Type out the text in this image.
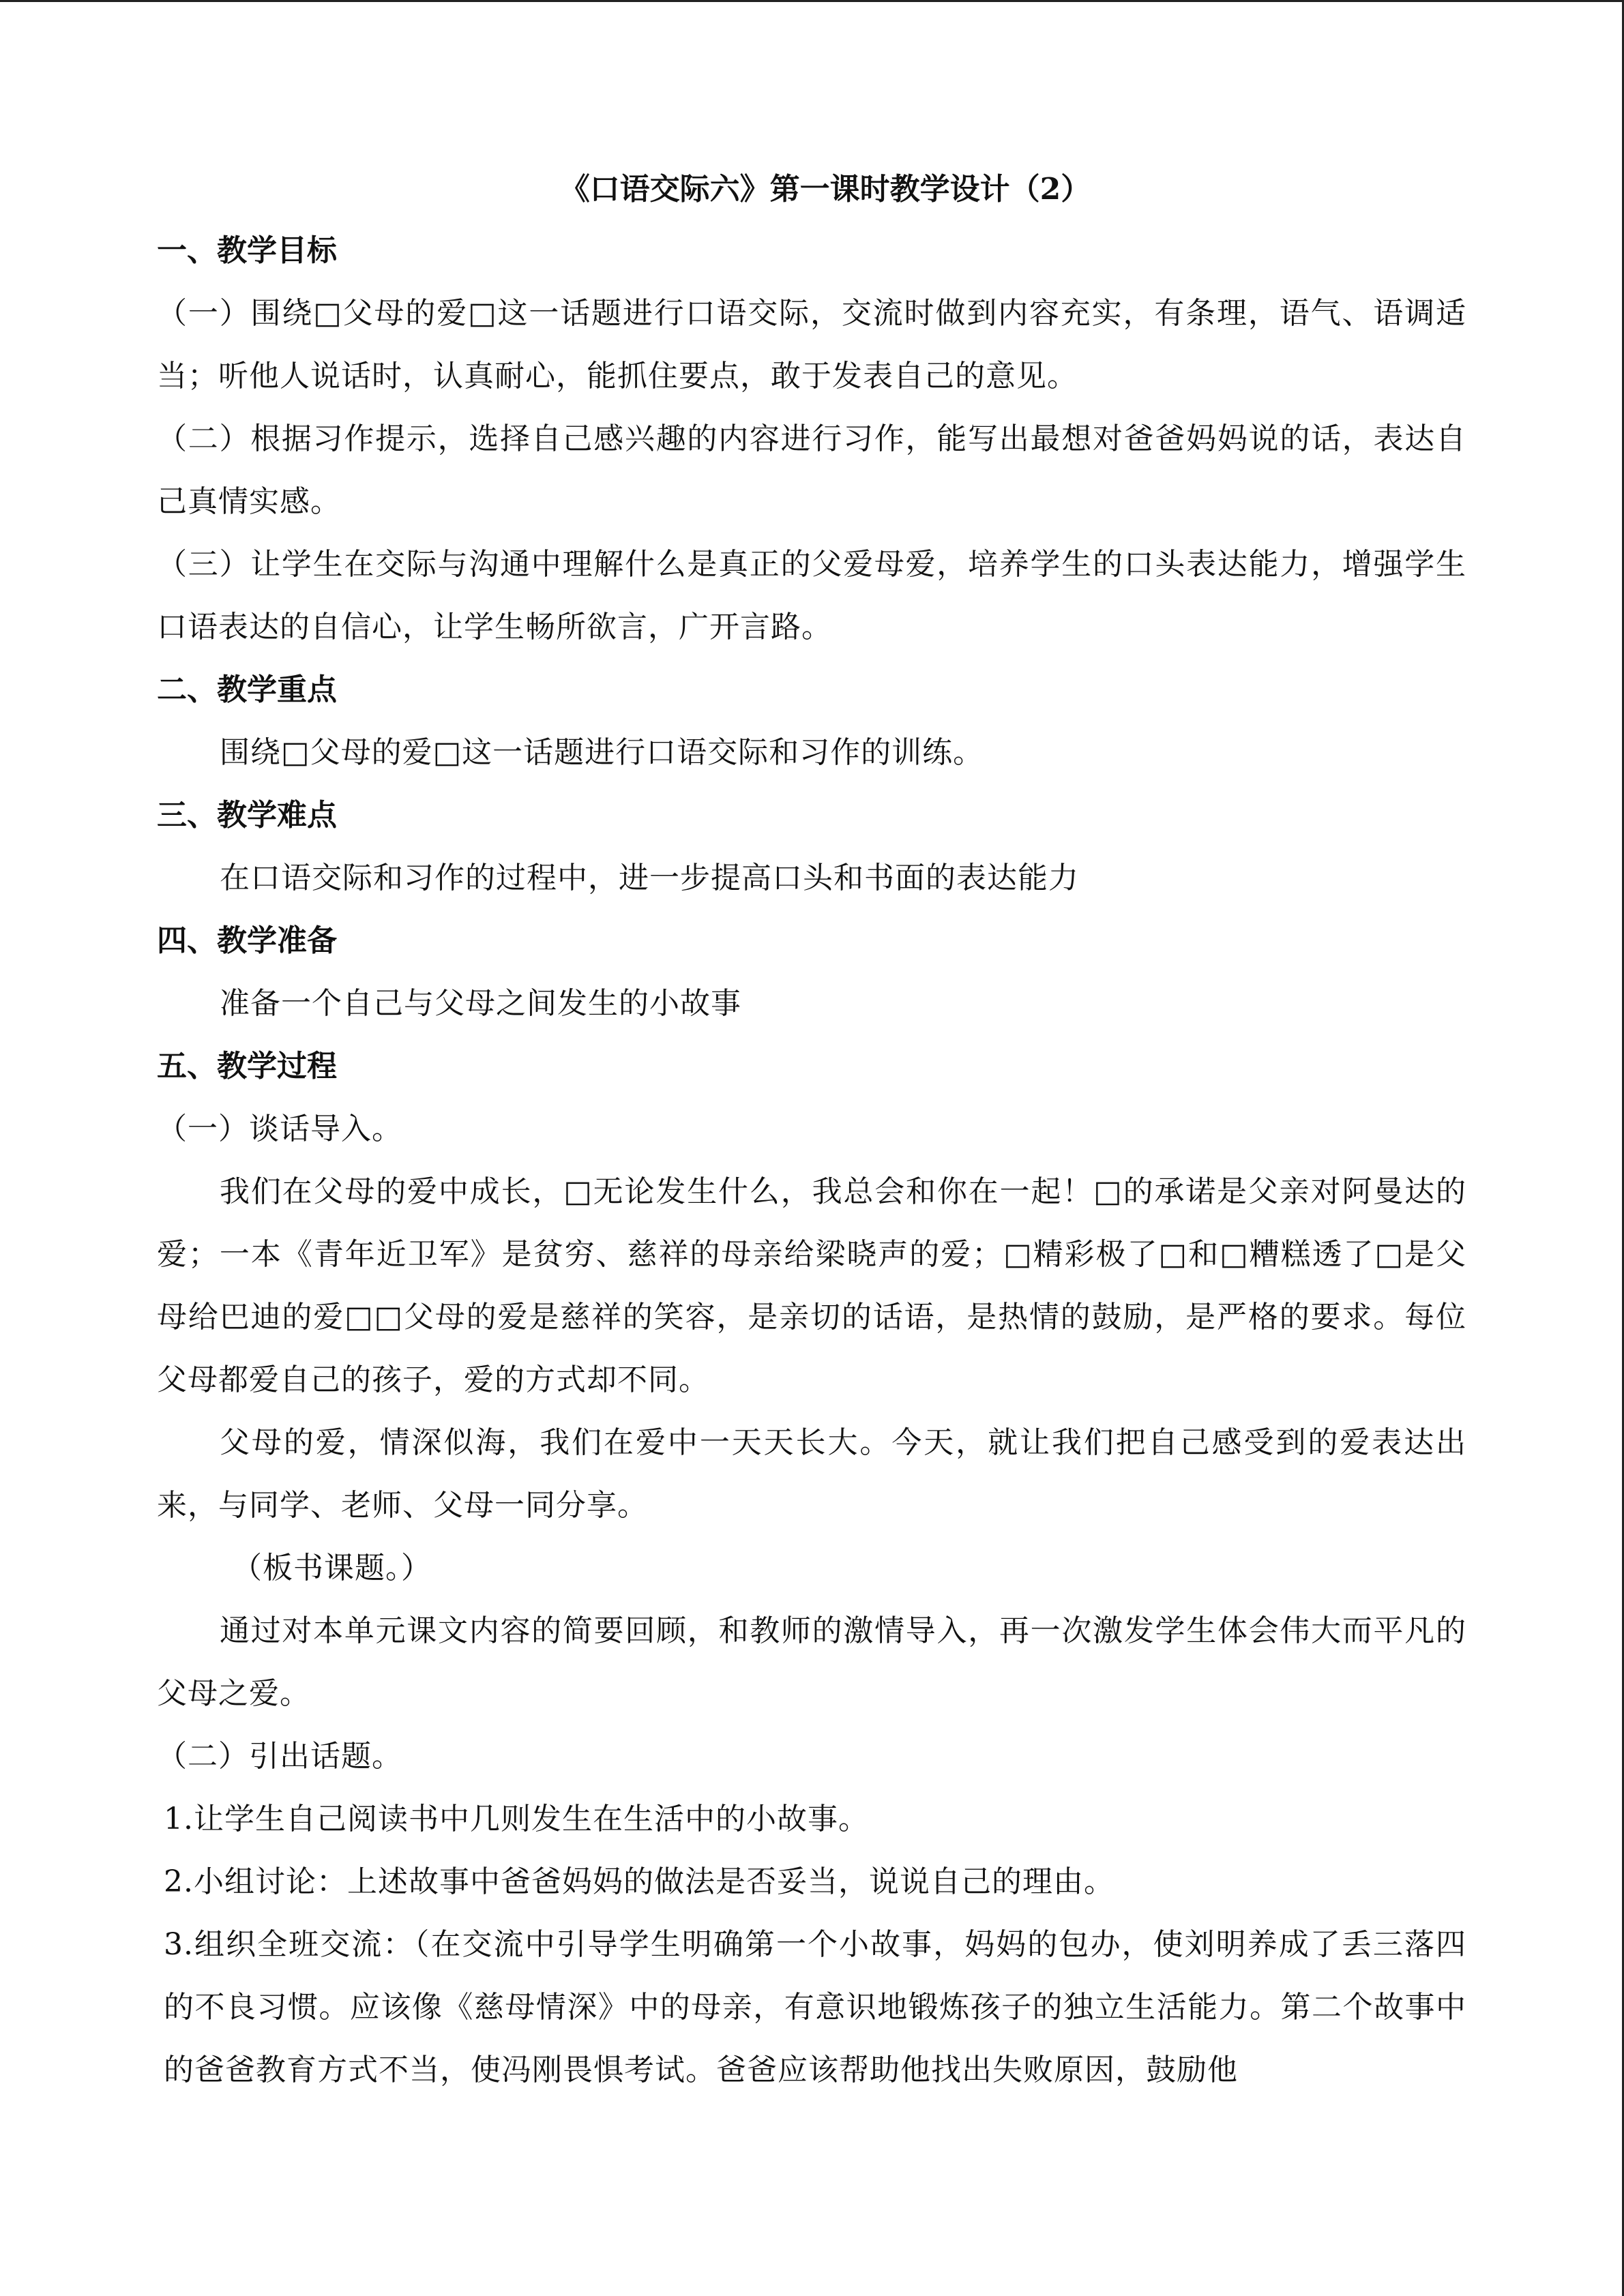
《口语交际六》第一课时教学设计（2）

一、教学目标

（一）围绕□父母的爱□这一话题进行口语交际，交流时做到内容充实，有条理，语气、语调适当；听他人说话时，认真耐心，能抓住要点，敢于发表自己的意见。

（二）根据习作提示，选择自己感兴趣的内容进行习作，能写出最想对爸爸妈妈说的话，表达自己真情实感。

（三）让学生在交际与沟通中理解什么是真正的父爱母爱，培养学生的口头表达能力，增强学生口语表达的自信心，让学生畅所欲言，广开言路。

二、教学重点

围绕□父母的爱□这一话题进行口语交际和习作的训练。

三、教学难点

在口语交际和习作的过程中，进一步提高口头和书面的表达能力

四、教学准备

准备一个自己与父母之间发生的小故事

五、教学过程

（一）谈话导入。

我们在父母的爱中成长，□无论发生什么，我总会和你在一起！□的承诺是父亲对阿曼达的爱；一本《青年近卫军》是贫穷、慈祥的母亲给梁晓声的爱；□精彩极了□和□糟糕透了□是父母给巴迪的爱□□父母的爱是慈祥的笑容，是亲切的话语，是热情的鼓励，是严格的要求。每位父母都爱自己的孩子，爱的方式却不同。

父母的爱，情深似海，我们在爱中一天天长大。今天，就让我们把自己感受到的爱表达出来，与同学、老师、父母一同分享。

（板书课题。）

通过对本单元课文内容的简要回顾，和教师的激情导入，再一次激发学生体会伟大而平凡的父母之爱。

（二）引出话题。

1.让学生自己阅读书中几则发生在生活中的小故事。

2.小组讨论：上述故事中爸爸妈妈的做法是否妥当，说说自己的理由。

3.组织全班交流：（在交流中引导学生明确第一个小故事，妈妈的包办，使刘明养成了丢三落四的不良习惯。应该像《慈母情深》中的母亲，有意识地锻炼孩子的独立生活能力。第二个故事中的爸爸教育方式不当，使冯刚畏惧考试。爸爸应该帮助他找出失败原因，鼓励他
